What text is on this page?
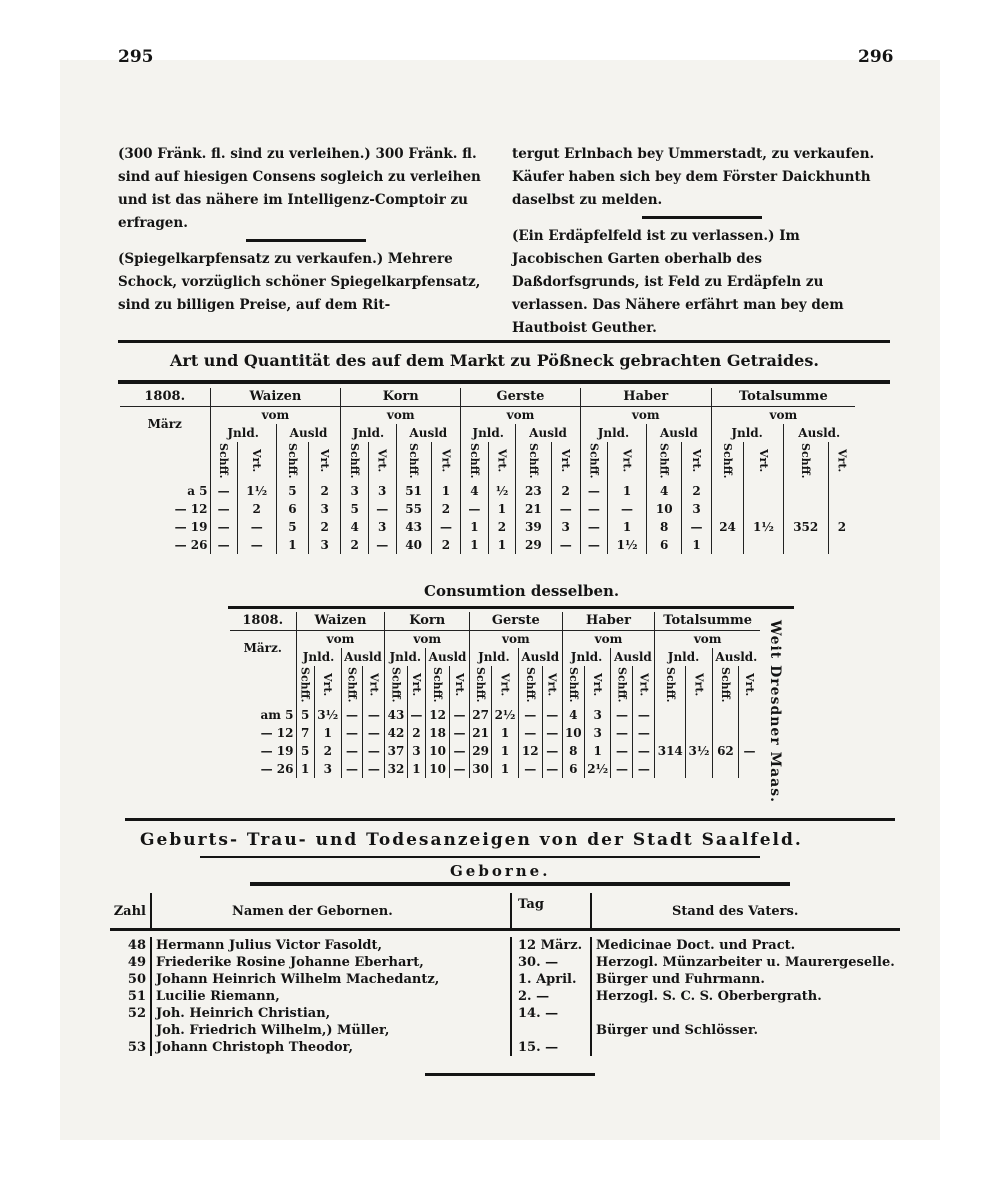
295	296
(300 Fränk. fl. sind zu verleihen.) 300 Fränk. fl. sind auf hiesigen Consens sogleich zu verleihen und ist das nähere im Intelligenz-Comptoir zu erfragen.
(Spiegelkarpfensatz zu verkaufen.) Mehrere Schock, vorzüglich schöner Spiegelkarpfensatz, sind zu billigen Preise, auf dem Rit-
tergut Erlnbach bey Ummerstadt, zu verkaufen. Käufer haben sich bey dem Förster Daickhunth daselbst zu melden.
(Ein Erdäpfelfeld ist zu verlassen.) Im Jacobischen Garten oberhalb des Daßdorfsgrunds, ist Feld zu Erdäpfeln zu verlassen. Das Nähere erfährt man bey dem Hautboist Geuther.
Art und Quantität des auf dem Markt zu Pößneck gebrachten Getraides.
1808.	Waizen				Korn				Gerste				Haber				Totalsumme			
März	vom				vom				vom				vom				vom			
	Jnld.		Ausld		Jnld.		Ausld		Jnld.		Ausld		Jnld.		Ausld		Jnld.		Ausld.	
	Schff.	Vrt.	Schff.	Vrt.	Schff.	Vrt.	Schff.	Vrt.	Schff.	Vrt.	Schff.	Vrt.	Schff.	Vrt.	Schff.	Vrt.	Schff.	Vrt.	Schff.	Vrt.
a 5	—	1½	5	2	3	3	51	1	4	½	23	2	—	1	4	2				
— 12	—	2	6	3	5	—	55	2	—	1	21	—	—	—	10	3				
— 19	—	—	5	2	4	3	43	—	1	2	39	3	—	1	8	—	24	1½	352	2
— 26	—	—	1	3	2	—	40	2	1	1	29	—	—	1½	6	1				
Consumtion desselben.
1808.	Waizen				Korn				Gerste				Haber				Totalsumme			
März.	vom				vom				vom				vom				vom			
	Jnld.		Ausld		Jnld.		Ausld		Jnld.		Ausld		Jnld.		Ausld		Jnld.		Ausld.	
	Schff.	Vrt.	Schff.	Vrt.	Schff.	Vrt.	Schff.	Vrt.	Schff.	Vrt.	Schff.	Vrt.	Schff.	Vrt.	Schff.	Vrt.	Schff.	Vrt.	Schff.	Vrt.
am 5	5	3½	—	—	43	—	12	—	27	2½	—	—	4	3	—	—				
— 12	7	1	—	—	42	2	18	—	21	1	—	—	10	3	—	—				
— 19	5	2	—	—	37	3	10	—	29	1	12	—	8	1	—	—	314	3½	62	—
— 26	1	3	—	—	32	1	10	—	30	1	—	—	6	2½	—	—					Weit Dresdner Maas.
Geburts- Trau- und Todesanzeigen von der Stadt Saalfeld.
Geborne.
Zahl	Namen der Gebornen.	Tag	Stand des Vaters.
48 Hermann Julius Victor Fasoldt,	12 März.	Medicinae Doct. und Pract.
49 Friederike Rosine Johanne Eberhart,	30. —	Herzogl. Münzarbeiter u. Maurergeselle.
50 Johann Heinrich Wilhelm Machedantz,	1. April.	Bürger und Fuhrmann.
51 Lucilie Riemann,	2. —	Herzogl. S. C. S. Oberbergrath.
52 Joh. Heinrich Christian,	14. —
Joh. Friedrich Wilhelm,) Müller,	Bürger und Schlösser.
53 Johann Christoph Theodor,	15. —
